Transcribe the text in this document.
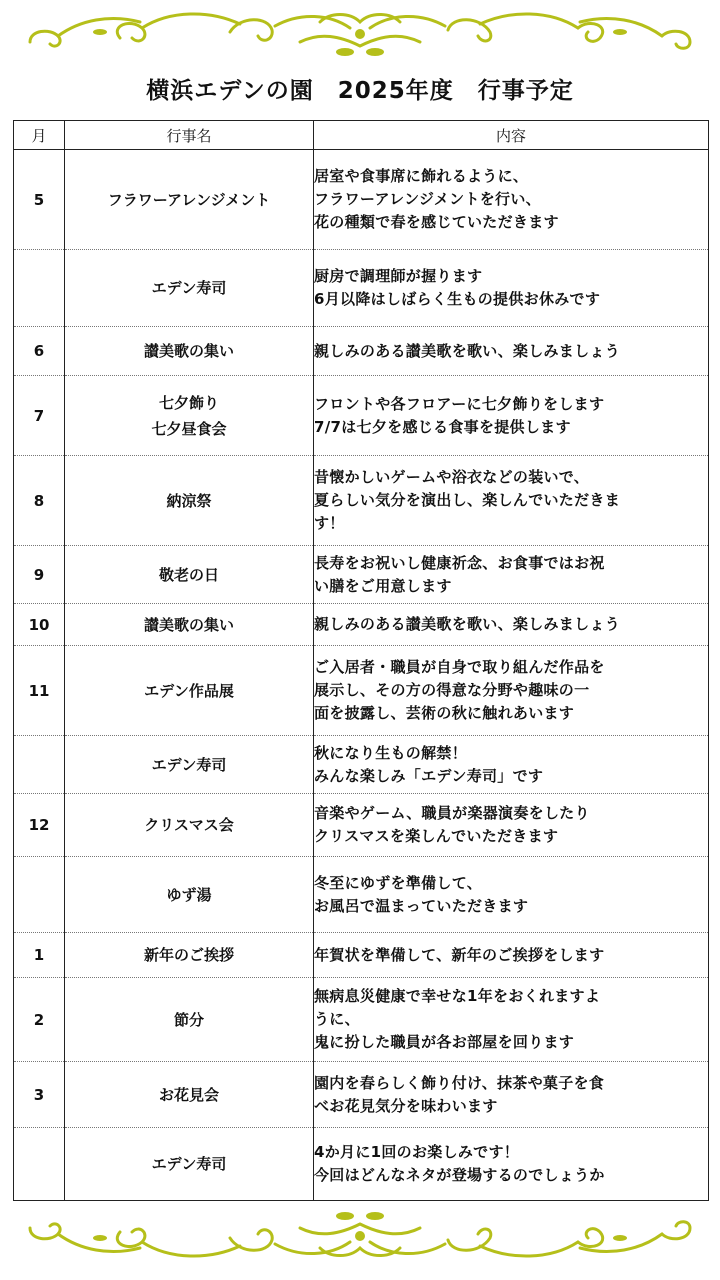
横浜エデンの園　2025年度　行事予定
月	行事名	内容
5	フラワーアレンジメント	居室や食事席に飾れるように、
フラワーアレンジメントを行い、
花の種類で春を感じていただきます

	エデン寿司	厨房で調理師が握ります
6月以降はしばらく生もの提供お休みです

6	讃美歌の集い	親しみのある讃美歌を歌い、楽しみましょう

7	七夕飾り
七夕昼食会	フロントや各フロアーに七夕飾りをします
7/7は七夕を感じる食事を提供します

8	納涼祭	昔懐かしいゲームや浴衣などの装いで、
夏らしい気分を演出し、楽しんでいただきま
す！

9	敬老の日	長寿をお祝いし健康祈念、お食事ではお祝
い膳をご用意します

10	讃美歌の集い	親しみのある讃美歌を歌い、楽しみましょう

11	エデン作品展	ご入居者・職員が自身で取り組んだ作品を
展示し、その方の得意な分野や趣味の一
面を披露し、芸術の秋に触れあいます

	エデン寿司	秋になり生もの解禁！
みんな楽しみ「エデン寿司」です

12	クリスマス会	音楽やゲーム、職員が楽器演奏をしたり
クリスマスを楽しんでいただきます

	ゆず湯	冬至にゆずを準備して、
お風呂で温まっていただきます

1	新年のご挨拶	年賀状を準備して、新年のご挨拶をします

2	節分	無病息災健康で幸せな1年をおくれますよ
うに、
鬼に扮した職員が各お部屋を回ります

3	お花見会	園内を春らしく飾り付け、抹茶や菓子を食
べお花見気分を味わいます

	エデン寿司	4か月に1回のお楽しみです！
今回はどんなネタが登場するのでしょうか
